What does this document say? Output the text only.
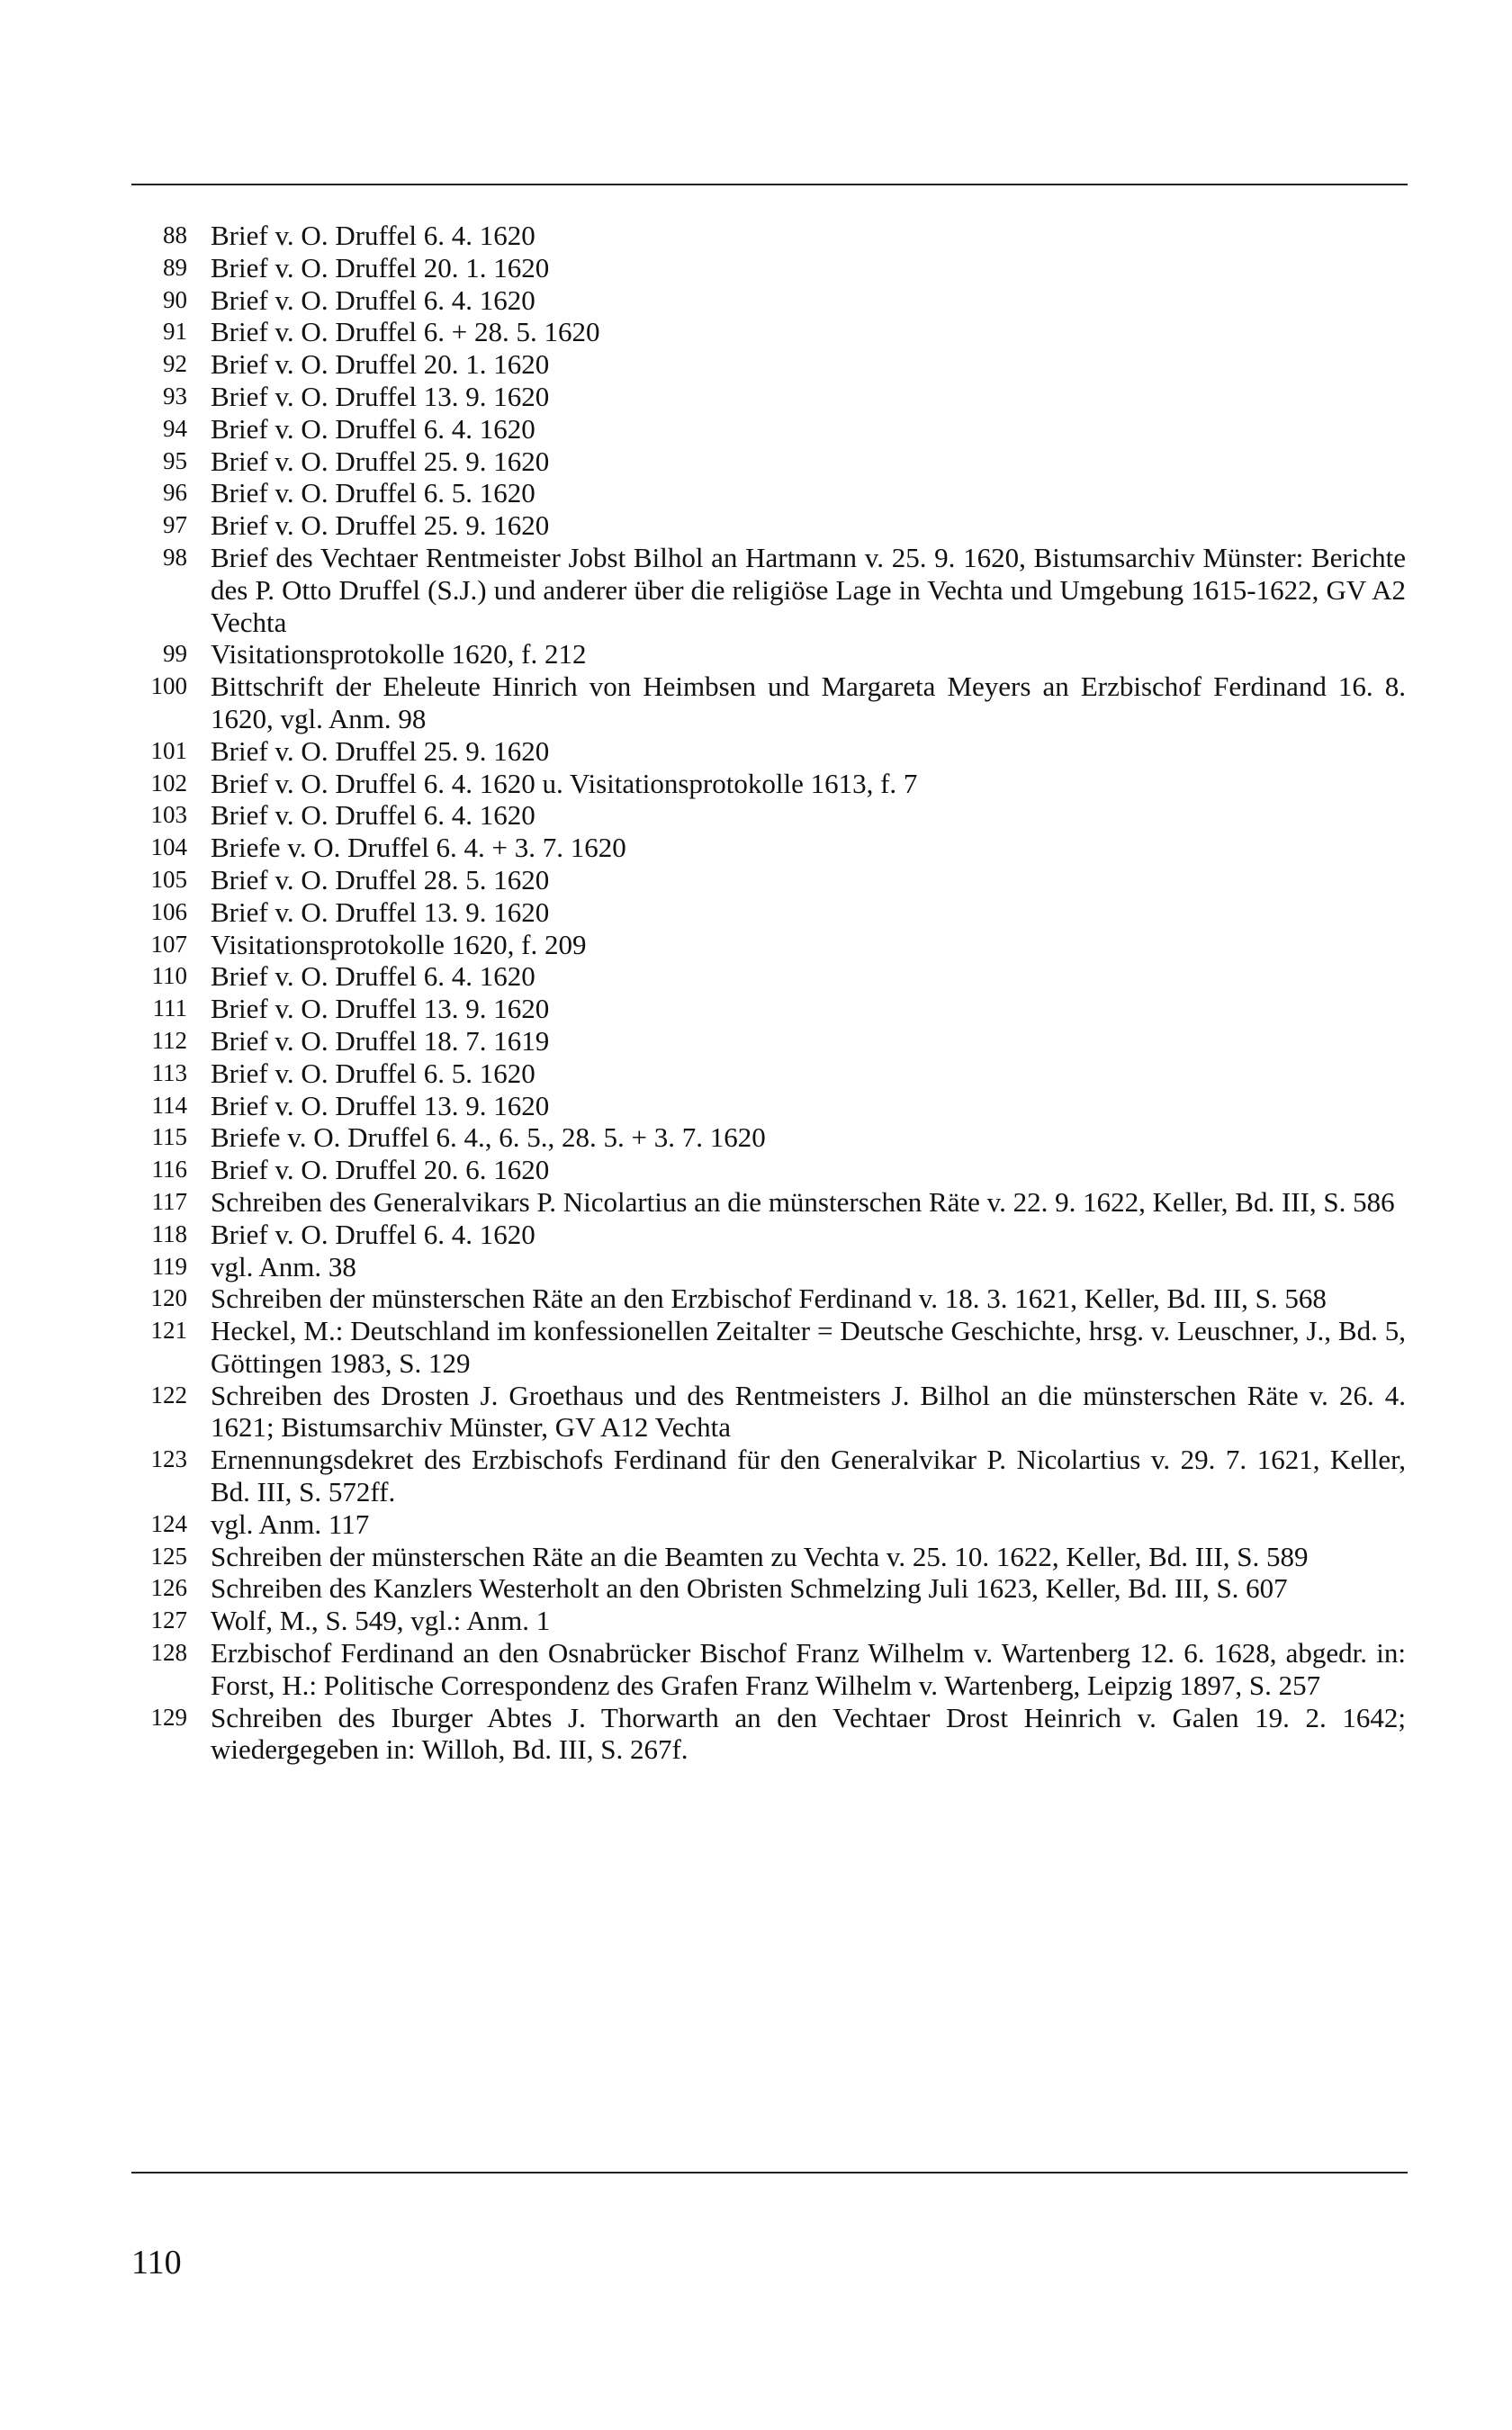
88 Brief v. O. Druffel 6. 4. 1620
89 Brief v. O. Druffel 20. 1. 1620
90 Brief v. O. Druffel 6. 4. 1620
91 Brief v. O. Druffel 6. + 28. 5. 1620
92 Brief v. O. Druffel 20. 1. 1620
93 Brief v. O. Druffel 13. 9. 1620
94 Brief v. O. Druffel 6. 4. 1620
95 Brief v. O. Druffel 25. 9. 1620
96 Brief v. O. Druffel 6. 5. 1620
97 Brief v. O. Druffel 25. 9. 1620
98 Brief des Vechtaer Rentmeister Jobst Bilhol an Hartmann v. 25. 9. 1620, Bistumsarchiv Münster: Berichte des P. Otto Druffel (S.J.) und anderer über die religiöse Lage in Vechta und Umgebung 1615-1622, GV A2 Vechta
99 Visitationsprotokolle 1620, f. 212
100 Bittschrift der Eheleute Hinrich von Heimbsen und Margareta Meyers an Erzbischof Ferdinand 16. 8. 1620, vgl. Anm. 98
101 Brief v. O. Druffel 25. 9. 1620
102 Brief v. O. Druffel 6. 4. 1620 u. Visitationsprotokolle 1613, f. 7
103 Brief v. O. Druffel 6. 4. 1620
104 Briefe v. O. Druffel 6. 4. + 3. 7. 1620
105 Brief v. O. Druffel 28. 5. 1620
106 Brief v. O. Druffel 13. 9. 1620
107 Visitationsprotokolle 1620, f. 209
110 Brief v. O. Druffel 6. 4. 1620
111 Brief v. O. Druffel 13. 9. 1620
112 Brief v. O. Druffel 18. 7. 1619
113 Brief v. O. Druffel 6. 5. 1620
114 Brief v. O. Druffel 13. 9. 1620
115 Briefe v. O. Druffel 6. 4., 6. 5., 28. 5. + 3. 7. 1620
116 Brief v. O. Druffel 20. 6. 1620
117 Schreiben des Generalvikars P. Nicolartius an die münsterschen Räte v. 22. 9. 1622, Keller, Bd. III, S. 586
118 Brief v. O. Druffel 6. 4. 1620
119 vgl. Anm. 38
120 Schreiben der münsterschen Räte an den Erzbischof Ferdinand v. 18. 3. 1621, Keller, Bd. III, S. 568
121 Heckel, M.: Deutschland im konfessionellen Zeitalter = Deutsche Geschichte, hrsg. v. Leuschner, J., Bd. 5, Göttingen 1983, S. 129
122 Schreiben des Drosten J. Groethaus und des Rentmeisters J. Bilhol an die münsterschen Räte v. 26. 4. 1621; Bistumsarchiv Münster, GV A12 Vechta
123 Ernennungsdekret des Erzbischofs Ferdinand für den Generalvikar P. Nicolartius v. 29. 7. 1621, Keller, Bd. III, S. 572ff.
124 vgl. Anm. 117
125 Schreiben der münsterschen Räte an die Beamten zu Vechta v. 25. 10. 1622, Keller, Bd. III, S. 589
126 Schreiben des Kanzlers Westerholt an den Obristen Schmelzing Juli 1623, Keller, Bd. III, S. 607
127 Wolf, M., S. 549, vgl.: Anm. 1
128 Erzbischof Ferdinand an den Osnabrücker Bischof Franz Wilhelm v. Wartenberg 12. 6. 1628, abgedr. in: Forst, H.: Politische Correspondenz des Grafen Franz Wilhelm v. Wartenberg, Leipzig 1897, S. 257
129 Schreiben des Iburger Abtes J. Thorwarth an den Vechtaer Drost Heinrich v. Galen 19. 2. 1642; wiedergegeben in: Willoh, Bd. III, S. 267f.
110
